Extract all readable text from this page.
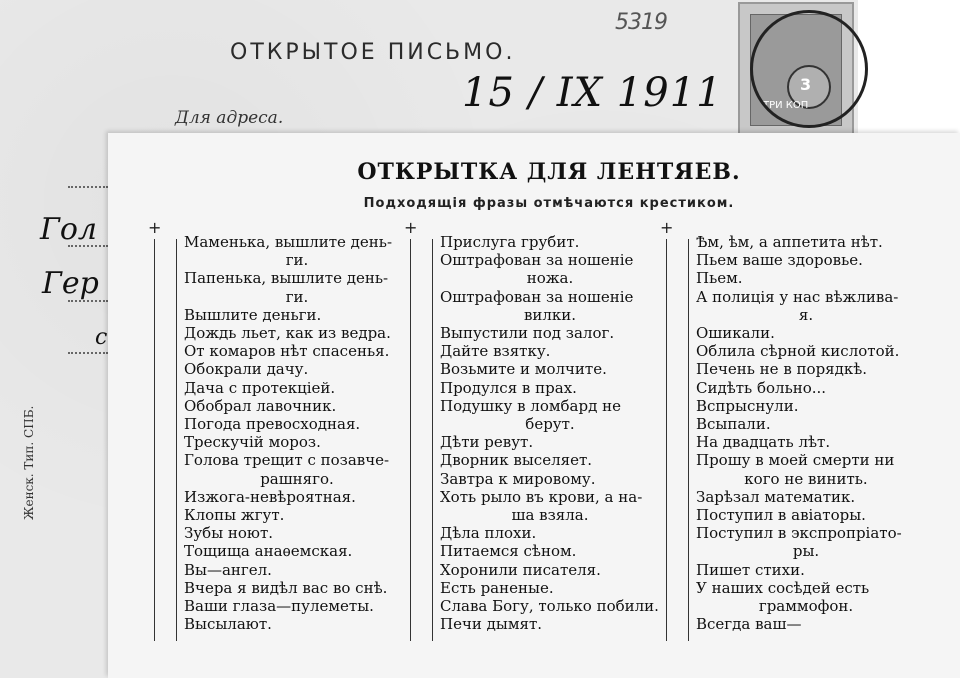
5319
ОТКРЫТОЕ ПИСЬМО.
15 / IX 1911
Для адреса.
Гол
Гер
с
Женск. Тип. СПБ.
3
ТРИ КОП
ОТКРЫТКА ДЛЯ ЛЕНТЯЕВ.
Подходящія фразы отмѣчаются крестиком.
+
Маменька, вышлите день-
ги.
Папенька, вышлите день-
ги.
Вышлите деньги.
Дождь льет, как из ведра.
От комаров нѣт спасенья.
Обокрали дачу.
Дача с протекціей.
Обобрал лавочник.
Погода превосходная.
Трескучій мороз.
Голова трещит с позавче-
рашняго.
Изжога-невѣроятная.
Клопы жгут.
Зубы ноют.
Тощища анаѳемская.
Вы—ангел.
Вчера я видѣл вас во снѣ.
Ваши глаза—пулеметы.
Высылают.
+
Прислуга грубит.
Оштрафован за ношеніе
ножа.
Оштрафован за ношеніе
вилки.
Выпустили под залог.
Дайте взятку.
Возьмите и молчите.
Продулся в прах.
Подушку в ломбард не
берут.
Дѣти ревут.
Дворник выселяет.
Завтра к мировому.
Хоть рыло въ крови, а на-
ша взяла.
Дѣла плохи.
Питаемся сѣном.
Хоронили писателя.
Есть раненые.
Слава Богу, только побили.
Печи дымят.
+
Ѣм, ѣм, а аппетита нѣт.
Пьем ваше здоровье.
Пьем.
А полиція у нас вѣжлива-
я.
Ошикали.
Облила сѣрной кислотой.
Печень не в порядкѣ.
Сидѣть больно...
Вспрыснули.
Всыпали.
На двадцать лѣт.
Прошу в моей смерти ни
кого не винить.
Зарѣзал математик.
Поступил в авіаторы.
Поступил в экспропріато-
ры.
Пишет стихи.
У наших сосѣдей есть
граммофон.
Всегда ваш—
